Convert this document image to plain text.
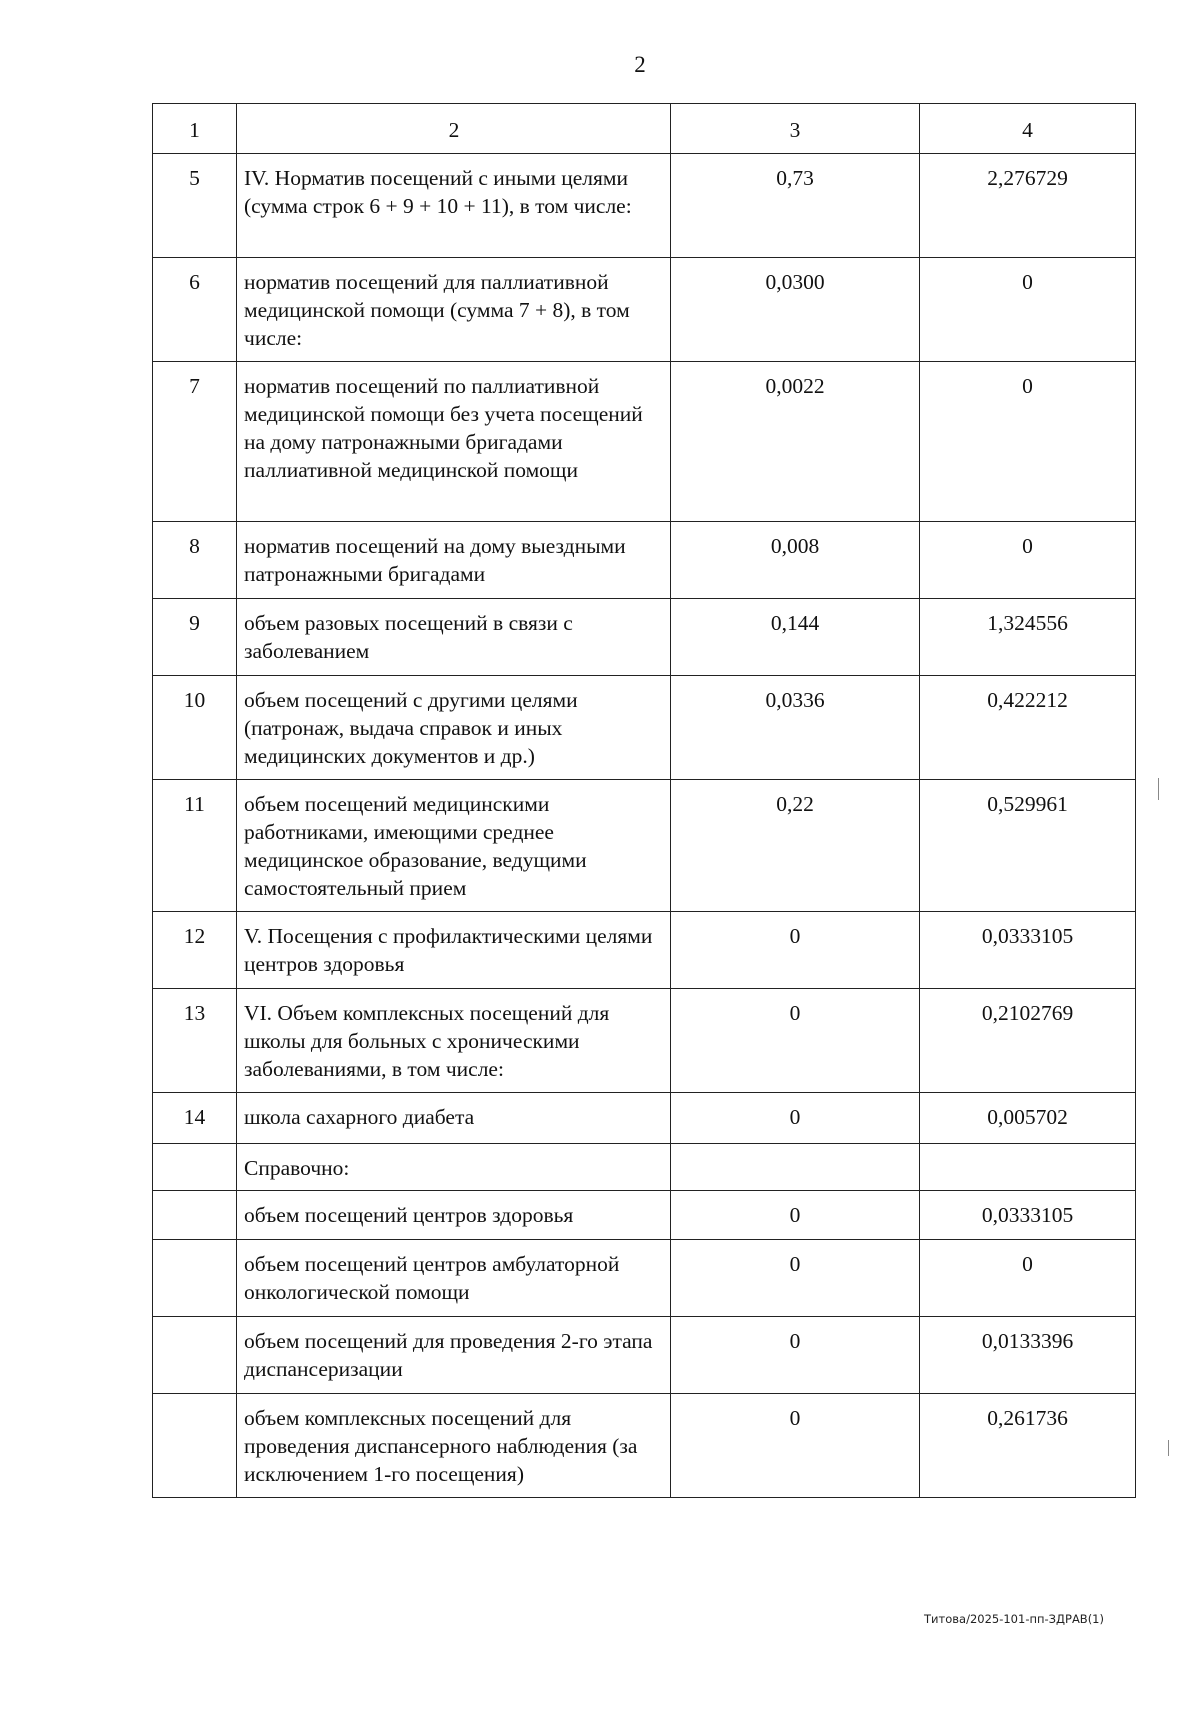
2
1	2	3	4

5	IV. Норматив посещений с иными целями (сумма строк 6 + 9 + 10 + 11), в том числе:	0,73	2,276729

6	норматив посещений для паллиативной медицинской помощи (сумма 7 + 8), в том числе:	0,0300	0

7	норматив посещений по паллиативной медицинской помощи без учета посещений на дому патронажными бригадами паллиативной медицинской помощи	0,0022	0

8	норматив посещений на дому выездными патронажными бригадами	0,008	0

9	объем разовых посещений в связи с заболеванием	0,144	1,324556

10	объем посещений с другими целями (патронаж, выдача справок и иных медицинских документов и др.)	0,0336	0,422212

11	объем посещений медицинскими работниками, имеющими среднее медицинское образование, ведущими самостоятельный прием	0,22	0,529961

12	V. Посещения с профилактическими целями центров здоровья	0	0,0333105

13	VI. Объем комплексных посещений для школы для больных с хроническими заболеваниями, в том числе:	0	0,2102769

14	школа сахарного диабета	0	0,005702

	Справочно:		

	объем посещений центров здоровья	0	0,0333105

	объем посещений центров амбулаторной онкологической помощи	0	0

	объем посещений для проведения 2-го этапа диспансеризации	0	0,0133396

	объем комплексных посещений для проведения диспансерного наблюдения (за исключением 1-го посещения)	0	0,261736
Титова/2025-101-пп-ЗДРАВ(1)
